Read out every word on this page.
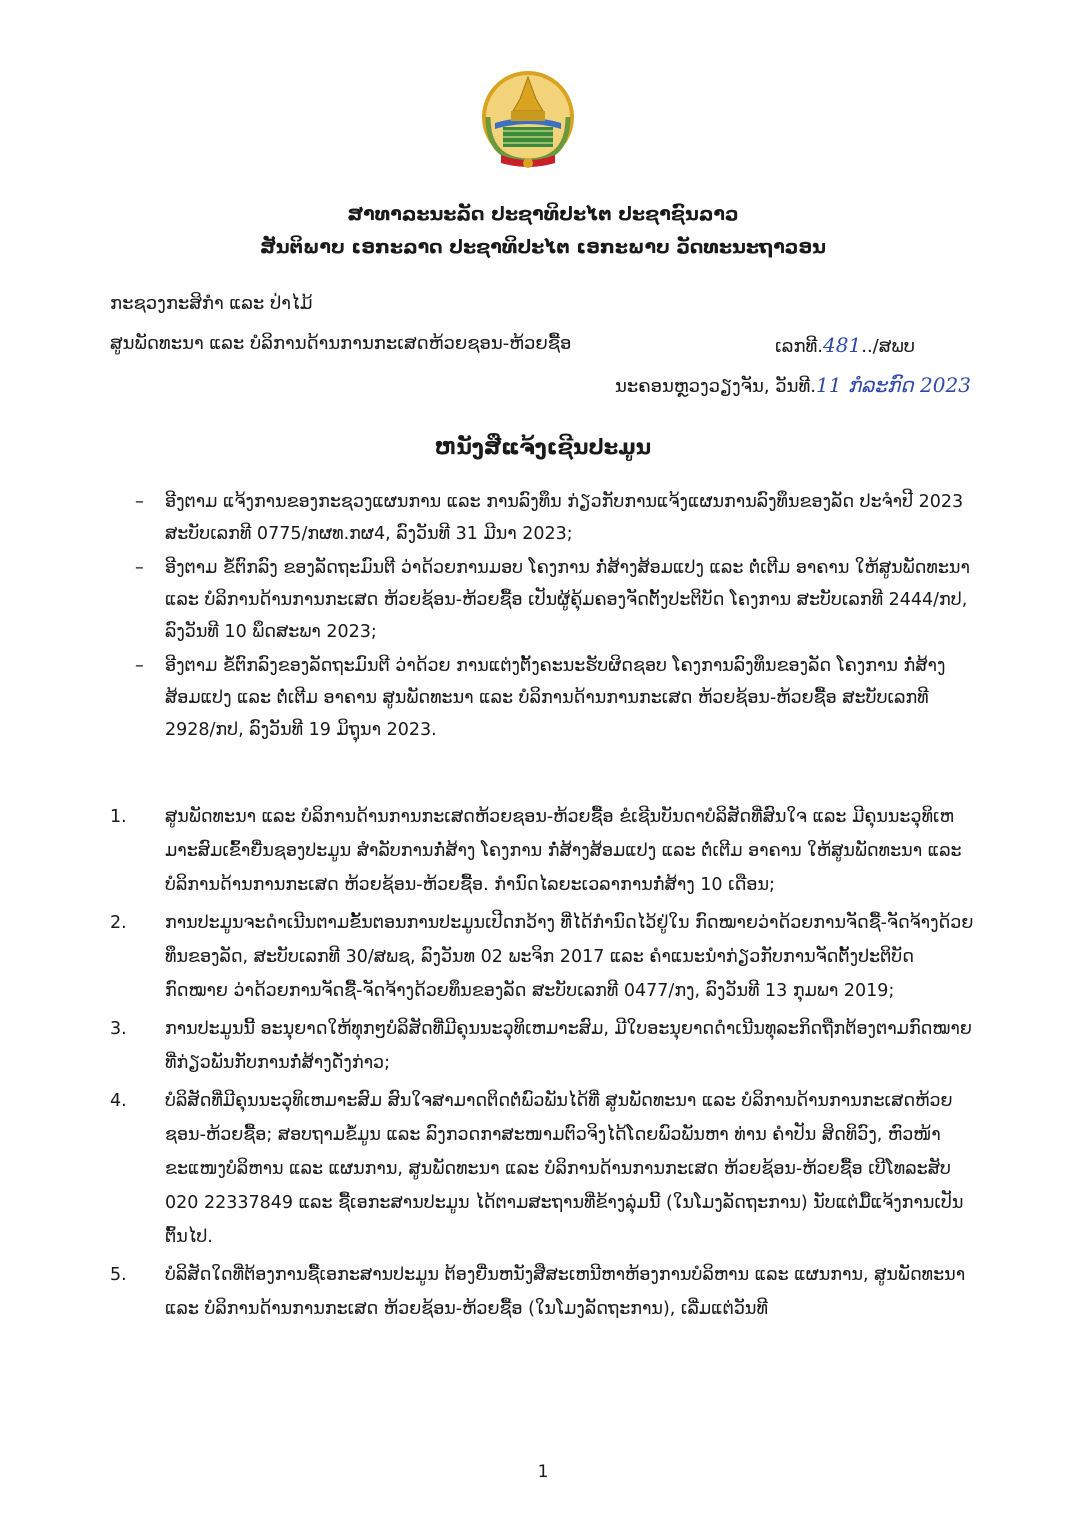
ສາທາລະນະລັດ ປະຊາທິປະໄຕ ປະຊາຊົນລາວ
ສັນຕິພາບ ເອກະລາດ ປະຊາທິປະໄຕ ເອກະພາບ ວັດທະນະຖາວອນ
ກະຊວງກະສິກຳ ແລະ ປ່າໄມ້
ສູນພັດທະນາ ແລະ ບໍລິການດ້ານການກະເສດຫ້ວຍຊອນ-ຫ້ວຍຊື້ອ	ເລກທີ.481../ສພບ
ນະຄອນຫຼວງວຽງຈັນ, ວັນທີ.11 ກໍລະກົດ 2023
ຫນັງສືແຈ້ງເຊີນປະມູນ
– ອີງຕາມ ແຈ້ງການຂອງກະຊວງແຜນການ ແລະ ການລົງທຶນ ກ່ຽວກັບການແຈ້ງແຜນການລົງທຶນຂອງລັດ ປະຈຳປີ 2023 ສະບັບເລກທີ 0775/ກຜທ.ກຜ4, ລົງວັນທີ 31 ມີນາ 2023;
– ອີງຕາມ ຂໍ້ຕົກລົງ ຂອງລັດຖະມົນຕີ ວ່າດ້ວຍການມອບ ໂຄງການ ກໍ່ສ້າງສ້ອມແປງ ແລະ ຕໍ່ເຕີມ ອາຄານ ໃຫ້ສູນພັດທະນາ ແລະ ບໍລິການດ້ານການກະເສດ ຫ້ວຍຊ້ອນ-ຫ້ວຍຊື້ອ ເປັນຜູ້ຄຸ້ມຄອງຈັດຕັ້ງປະຕິບັດ ໂຄງການ ສະບັບເລກທີ 2444/ກປ, ລົງວັນທີ 10 ພຶດສະພາ 2023;
– ອີງຕາມ ຂໍ້ຕົກລົງຂອງລັດຖະມົນຕີ ວ່າດ້ວຍ ການແຕ່ງຕັ້ງຄະນະຮັບຜິດຊອບ ໂຄງການລົງທຶນຂອງລັດ ໂຄງການ ກໍ່ສ້າງສ້ອມແປງ ແລະ ຕໍ່ເຕີມ ອາຄານ ສູນພັດທະນາ ແລະ ບໍລິການດ້ານການກະເສດ ຫ້ວຍຊ້ອນ-ຫ້ວຍຊື້ອ ສະບັບເລກທີ 2928/ກປ, ລົງວັນທີ 19 ມິຖຸນາ 2023.
1. ສູນພັດທະນາ ແລະ ບໍລິການດ້ານການກະເສດຫ້ວຍຊອນ-ຫ້ວຍຊື້ອ ຂໍເຊີນບັນດາບໍລິສັດທີ່ສົນໃຈ ແລະ ມີຄຸນນະວຸທິເຫມາະສົມເຂົ້າຍື່ນຊອງປະມູນ ສຳລັບການກໍ່ສ້າງ ໂຄງການ ກໍ່ສ້າງສ້ອມແປງ ແລະ ຕໍ່ເຕີມ ອາຄານ ໃຫ້ສູນພັດທະນາ ແລະ ບໍລິການດ້ານການກະເສດ ຫ້ວຍຊ້ອນ-ຫ້ວຍຊື້ອ. ກຳນົດໄລຍະເວລາການກໍ່ສ້າງ 10 ເດືອນ;
2. ການປະມູນຈະດຳເນີນຕາມຂັ້ນຕອນການປະມູນເປີດກວ້າງ ທີ່ໄດ້ກຳນົດໄວ້ຢູ່ໃນ ກົດໝາຍວ່າດ້ວຍການຈັດຊື້-ຈັດຈ້າງດ້ວຍທຶນຂອງລັດ, ສະບັບເລກທີ 30/ສພຊ, ລົງວັນທ 02 ພະຈິກ 2017 ແລະ ຄຳແນະນຳກ່ຽວກັບການຈັດຕັ້ງປະຕິບັດກົດໝາຍ ວ່າດ້ວຍການຈັດຊື້-ຈັດຈ້າງດ້ວຍທຶນຂອງລັດ ສະບັບເລກທີ 0477/ກງ, ລົງວັນທີ 13 ກຸມພາ 2019;
3. ການປະມູນນີ້ ອະນຸຍາດໃຫ້ທຸກໆບໍລິສັດທີ່ມີຄຸນນະວຸທິເຫມາະສົມ, ມີໃບອະນຸຍາດດຳເນີນທຸລະກິດຖືກຕ້ອງຕາມກົດໝາຍທີ່ກ່ຽວພັນກັບການກໍ່ສ້າງດັ່ງກ່າວ;
4. ບໍລິສັດທີ່ມີຄຸນນະວຸທິເຫມາະສົມ ສົນໃຈສາມາດຕິດຕໍ່ພົວພັນໄດ້ທີ່ ສູນພັດທະນາ ແລະ ບໍລິການດ້ານການກະເສດຫ້ວຍຊອນ-ຫ້ວຍຊື້ອ; ສອບຖາມຂໍ້ມູນ ແລະ ລົງກວດກາສະໜາມຕົວຈິງໄດ້ໂດຍພົວພັນຫາ ທ່ານ ຄຳປັນ ສິດທິວົງ, ຫົວໜ້າຂະແໜງບໍລິຫານ ແລະ ແຜນການ, ສູນພັດທະນາ ແລະ ບໍລິການດ້ານການກະເສດ ຫ້ວຍຊ້ອນ-ຫ້ວຍຊື້ອ ເບີໂທລະສັບ 020 22337849 ແລະ ຊື້ເອກະສານປະມູນ ໄດ້ຕາມສະຖານທີ່ຂ້າງລຸ່ມນີ້ (ໃນໂມງລັດຖະການ) ນັບແຕ່ມື້ແຈ້ງການເປັນຕົ້ນໄປ.
5. ບໍລິສັດໃດທີ່ຕ້ອງການຊື້ເອກະສານປະມູນ ຕ້ອງຍື່ນຫນັງສືສະເຫນີຫາຫ້ອງການບໍລິຫານ ແລະ ແຜນການ, ສູນພັດທະນາ ແລະ ບໍລິການດ້ານການກະເສດ ຫ້ວຍຊ້ອນ-ຫ້ວຍຊື້ອ (ໃນໂມງລັດຖະການ), ເລີ່ມແຕ່ວັນທີ
1
